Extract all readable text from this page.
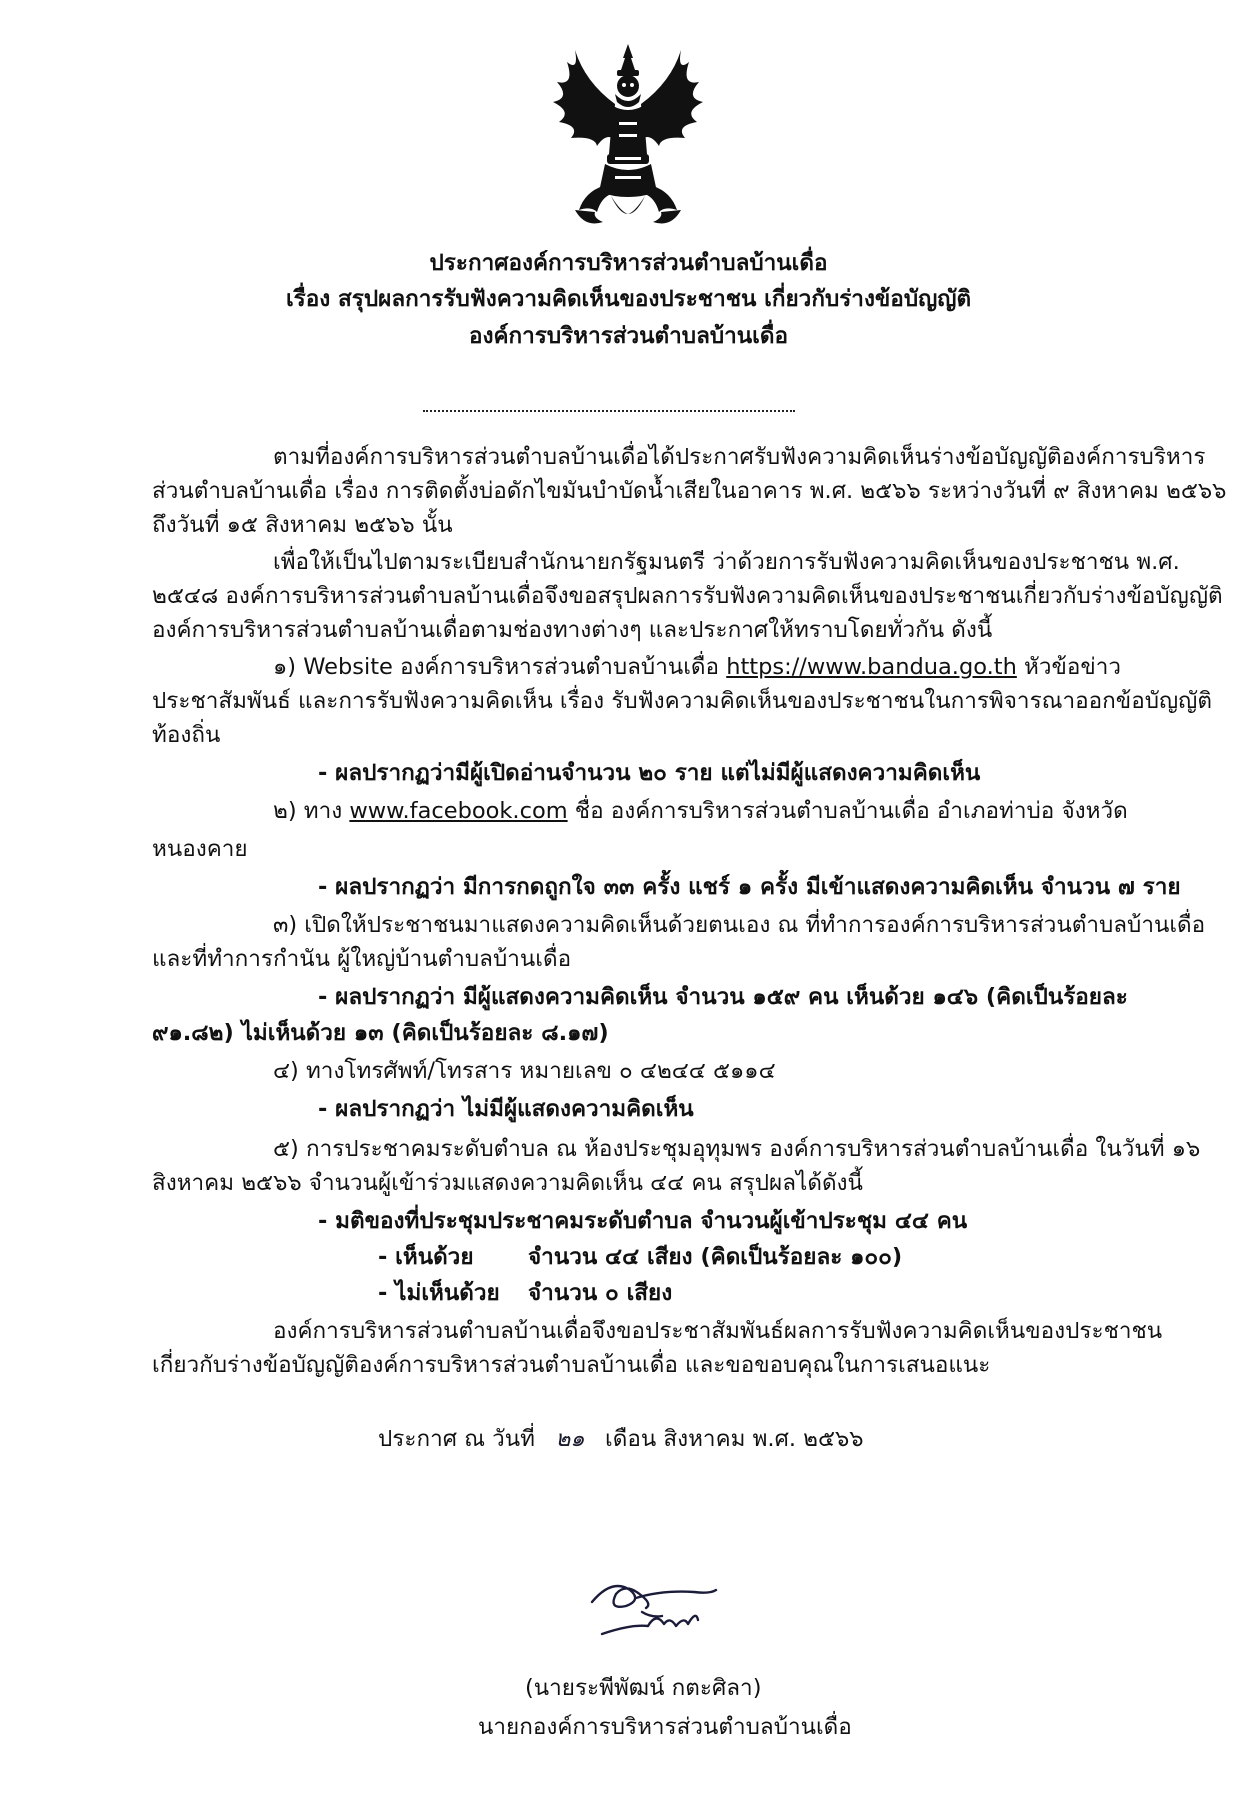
ประกาศองค์การบริหารส่วนตำบลบ้านเดื่อ
เรื่อง สรุปผลการรับฟังความคิดเห็นของประชาชน เกี่ยวกับร่างข้อบัญญัติ
องค์การบริหารส่วนตำบลบ้านเดื่อ
ตามที่องค์การบริหารส่วนตำบลบ้านเดื่อได้ประกาศรับฟังความคิดเห็นร่างข้อบัญญัติองค์การบริหาร
ส่วนตำบลบ้านเดื่อ เรื่อง การติดตั้งบ่อดักไขมันบำบัดน้ำเสียในอาคาร พ.ศ. ๒๕๖๖ ระหว่างวันที่ ๙ สิงหาคม ๒๕๖๖
ถึงวันที่ ๑๕ สิงหาคม ๒๕๖๖ นั้น
เพื่อให้เป็นไปตามระเบียบสำนักนายกรัฐมนตรี ว่าด้วยการรับฟังความคิดเห็นของประชาชน พ.ศ.
๒๕๔๘ องค์การบริหารส่วนตำบลบ้านเดื่อจึงขอสรุปผลการรับฟังความคิดเห็นของประชาชนเกี่ยวกับร่างข้อบัญญัติ
องค์การบริหารส่วนตำบลบ้านเดื่อตามช่องทางต่างๆ และประกาศให้ทราบโดยทั่วกัน ดังนี้
๑) Website องค์การบริหารส่วนตำบลบ้านเดื่อ https://www.bandua.go.th หัวข้อข่าว
ประชาสัมพันธ์ และการรับฟังความคิดเห็น เรื่อง รับฟังความคิดเห็นของประชาชนในการพิจารณาออกข้อบัญญัติ
ท้องถิ่น
- ผลปรากฏว่ามีผู้เปิดอ่านจำนวน ๒๐ ราย แต่ไม่มีผู้แสดงความคิดเห็น
๒) ทาง www.facebook.com ชื่อ องค์การบริหารส่วนตำบลบ้านเดื่อ อำเภอท่าบ่อ จังหวัด
หนองคาย
- ผลปรากฏว่า มีการกดถูกใจ ๓๓ ครั้ง แชร์ ๑ ครั้ง มีเข้าแสดงความคิดเห็น จำนวน ๗ ราย
๓) เปิดให้ประชาชนมาแสดงความคิดเห็นด้วยตนเอง ณ ที่ทำการองค์การบริหารส่วนตำบลบ้านเดื่อ
และที่ทำการกำนัน ผู้ใหญ่บ้านตำบลบ้านเดื่อ
- ผลปรากฏว่า มีผู้แสดงความคิดเห็น จำนวน ๑๕๙ คน เห็นด้วย ๑๔๖ (คิดเป็นร้อยละ
๙๑.๘๒) ไม่เห็นด้วย ๑๓ (คิดเป็นร้อยละ ๘.๑๗)
๔) ทางโทรศัพท์/โทรสาร หมายเลข ๐ ๔๒๔๔ ๕๑๑๔
- ผลปรากฏว่า ไม่มีผู้แสดงความคิดเห็น
๕) การประชาคมระดับตำบล ณ ห้องประชุมอุทุมพร องค์การบริหารส่วนตำบลบ้านเดื่อ ในวันที่ ๑๖
สิงหาคม ๒๕๖๖ จำนวนผู้เข้าร่วมแสดงความคิดเห็น ๔๔ คน สรุปผลได้ดังนี้
- มติของที่ประชุมประชาคมระดับตำบล จำนวนผู้เข้าประชุม ๔๔ คน
- เห็นด้วย จำนวน ๔๔ เสียง (คิดเป็นร้อยละ ๑๐๐)
- ไม่เห็นด้วย จำนวน ๐ เสียง
องค์การบริหารส่วนตำบลบ้านเดื่อจึงขอประชาสัมพันธ์ผลการรับฟังความคิดเห็นของประชาชน
เกี่ยวกับร่างข้อบัญญัติองค์การบริหารส่วนตำบลบ้านเดื่อ และขอขอบคุณในการเสนอแนะ
ประกาศ ณ วันที่ ๒๑ เดือน สิงหาคม พ.ศ. ๒๕๖๖
(นายระพีพัฒน์ กตะศิลา)
นายกองค์การบริหารส่วนตำบลบ้านเดื่อ
